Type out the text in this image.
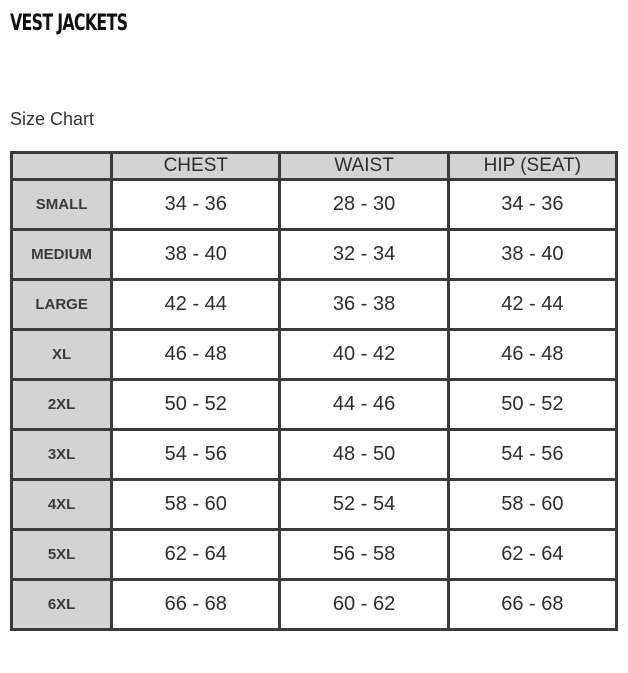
VEST JACKETS
Size Chart
	CHEST	WAIST	HIP (SEAT)
SMALL	34 - 36	28 - 30	34 - 36
MEDIUM	38 - 40	32 - 34	38 - 40
LARGE	42 - 44	36 - 38	42 - 44
XL	46 - 48	40 - 42	46 - 48
2XL	50 - 52	44 - 46	50 - 52
3XL	54 - 56	48 - 50	54 - 56
4XL	58 - 60	52 - 54	58 - 60
5XL	62 - 64	56 - 58	62 - 64
6XL	66 - 68	60 - 62	66 - 68
